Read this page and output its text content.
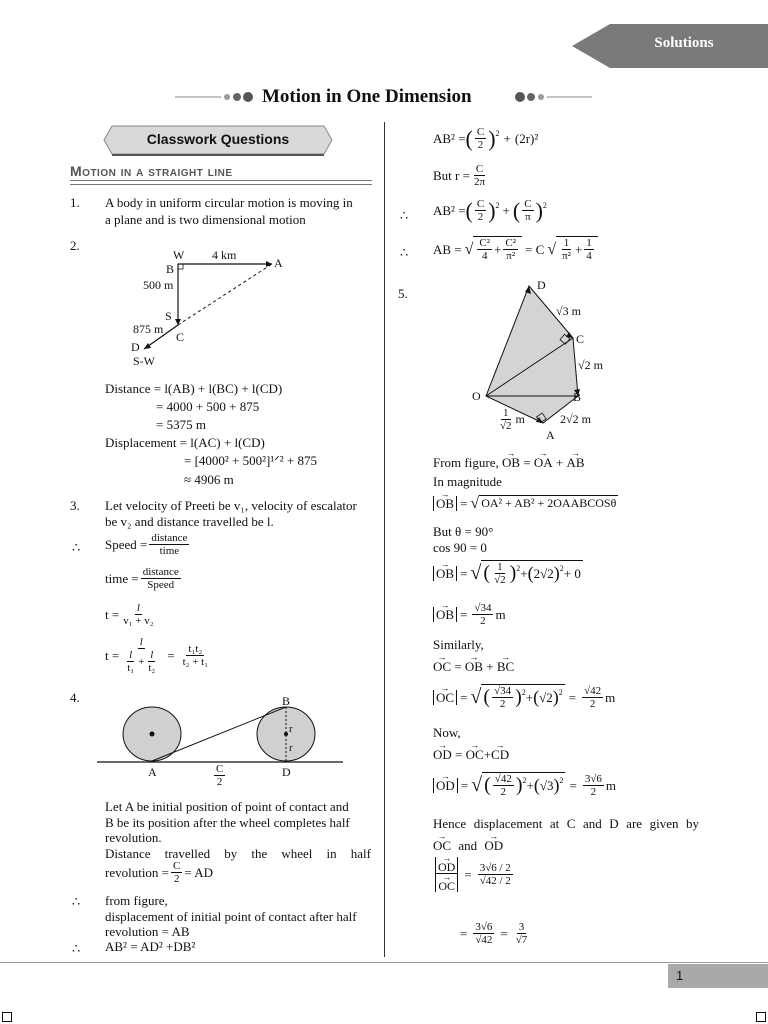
Solutions
Motion in One Dimension
Classwork Questions
Motion in a straight line
1. A body in uniform circular motion is moving in
a plane and is two dimensional motion
2.
W 4 km
A
B
500 m
S
875 m
C
D
S-W
Distance = l(AB) + l(BC) + l(CD)
= 4000 + 500 + 875
= 5375 m
Displacement = l(AC) + l(CD)
= [4000² + 500²]¹ᐟ² + 875
≈ 4906 m
3. Let velocity of Preeti be v₁, velocity of escalator
be v₂ and distance travelled be l.
∴ Speed = $\frac{\text{distance}}{\text{time}}$
time = $\frac{\text{distance}}{\text{Speed}}$
$t = \frac{l}{\text{v₁ + v₂}}$
$t = \frac{l}{\frac{l}{\text{t₁}} + \frac{l}{\text{t₂}}} = \frac{\text{t₁t₂}}{\text{t₂ + t₁}}$
4.	B
r
r
A	$\frac{C}{2}$	D
Let A be initial position of point of contact and
B be its position after the wheel completes half
revolution.
Distance travelled by the wheel in half
revolution = $\frac{C}{2}$ = AD
∴ from figure,
displacement of initial point of contact after half
revolution = AB
∴ AB² = AD² +DB²
AB² = ( $\frac{C}{2} )^2 + (2r)^2$
But $r = \frac{C}{2\pi}$
∴ AB² = ( $\frac{C}{2} )^2$ + ( $\frac{C}{\pi} )^2$
∴ AB = √ $\frac{\text{C²}}{4} + \frac{\text{C²}}{\text{π²}} = C$ √ $\frac{1}{\text{π²}} + \frac{1}{4}$
5.
D
√3 m
C
√2 m
O	B
$\frac{1}{√2}$ m	2√2 m
A
From figure, → OB = → OA + → AB
In magnitude
→ OB = √ OA² + AB² + 2OAABCOSθ
But θ = 90°
cos 90 = 0
→ OB = √ ( $\frac{1}{√2} )^2$ + ( 2√2 )$^2$ + 0
→ OB = $\frac{√34}{2}$ m
Similarly,
→ OC = → OB + → BC
→ OC = √ ( $\frac{√34}{2} )^2$ + ( √2 )$^2 = \frac{√42}{2}$ m
Now,
→ OD = → OC+→ CD
→ OD = √ ( $\frac{√42}{2} )^2$ + ( √3 )$^2 = \frac{3√6}{2}$ m
Hence displacement at C and D are given by
→ OC and → OD
→ OD
→ OC = $\frac{3√6 / 2}{√42 / 2}$
= $\frac{3√6}{√42} = \frac{3}{√7}$
1
